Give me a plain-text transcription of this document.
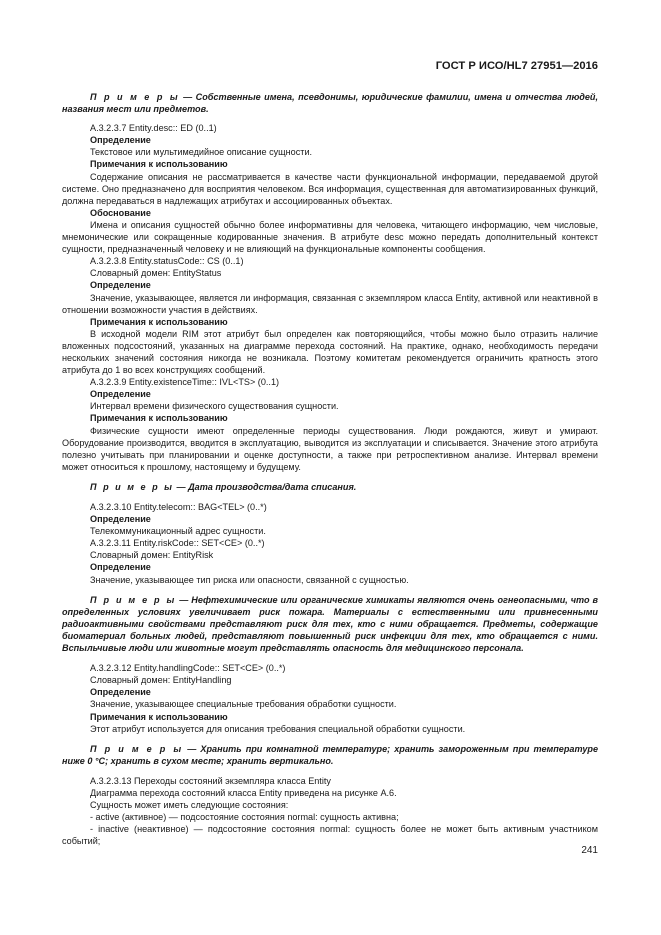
ГОСТ Р ИСО/HL7 27951—2016

П р и м е р ы — Собственные имена, псевдонимы, юридические фамилии, имена и отчества людей, названия мест или предметов.

A.3.2.3.7 Entity.desc:: ED (0..1)

Определение

Текстовое или мультимедийное описание сущности.

Примечания к использованию

Содержание описания не рассматривается в качестве части функциональной информации, передаваемой другой системе. Оно предназначено для восприятия человеком. Вся информация, существенная для автоматизированных функций, должна передаваться в надлежащих атрибутах и ассоциированных объектах.

Обоснование

Имена и описания сущностей обычно более информативны для человека, читающего информацию, чем числовые, мнемонические или сокращенные кодированные значения. В атрибуте desc можно передать дополнительный контекст сущности, предназначенный человеку и не влияющий на функциональные компоненты сообщения.

A.3.2.3.8 Entity.statusCode:: CS (0..1)

Словарный домен: EntityStatus

Определение

Значение, указывающее, является ли информация, связанная с экземпляром класса Entity, активной или неактивной в отношении возможности участия в действиях.

Примечания к использованию

В исходной модели RIM этот атрибут был определен как повторяющийся, чтобы можно было отразить наличие вложенных подсостояний, указанных на диаграмме перехода состояний. На практике, однако, необходимость передачи нескольких значений состояния никогда не возникала. Поэтому комитетам рекомендуется ограничить кратность этого атрибута до 1 во всех конструкциях сообщений.

A.3.2.3.9 Entity.existenceTime:: IVL<TS> (0..1)

Определение

Интервал времени физического существования сущности.

Примечания к использованию

Физические сущности имеют определенные периоды существования. Люди рождаются, живут и умирают. Оборудование производится, вводится в эксплуатацию, выводится из эксплуатации и списывается. Значение этого атрибута полезно учитывать при планировании и оценке доступности, а также при ретроспективном анализе. Интервал времени может относиться к прошлому, настоящему и будущему.

П р и м е р ы — Дата производства/дата списания.

A.3.2.3.10 Entity.telecom:: BAG<TEL> (0..*)

Определение

Телекоммуникационный адрес сущности.

A.3.2.3.11 Entity.riskCode:: SET<CE> (0..*)

Словарный домен: EntityRisk

Определение

Значение, указывающее тип риска или опасности, связанной с сущностью.

П р и м е р ы — Нефтехимические или органические химикаты являются очень огнеопасными, что в определенных условиях увеличивает риск пожара. Материалы с естественными или привнесенными радиоактивными свойствами представляют риск для тех, кто с ними обращается. Предметы, содержащие биоматериал больных людей, представляют повышенный риск инфекции для тех, кто обращается с ними. Вспыльчивые люди или животные могут представлять опасность для медицинского персонала.

A.3.2.3.12 Entity.handlingCode:: SET<CE> (0..*)

Словарный домен: EntityHandling

Определение

Значение, указывающее специальные требования обработки сущности.

Примечания к использованию

Этот атрибут используется для описания требования специальной обработки сущности.

П р и м е р ы — Хранить при комнатной температуре; хранить замороженным при температуре ниже 0 °С; хранить в сухом месте; хранить вертикально.

A.3.2.3.13 Переходы состояний экземпляра класса Entity

Диаграмма перехода состояний класса Entity приведена на рисунке А.6.

Сущность может иметь следующие состояния:

- active (активное) — подсостояние состояния normal: сущность активна;

- inactive (неактивное) — подсостояние состояния normal: сущность более не может быть активным участником событий;

241
